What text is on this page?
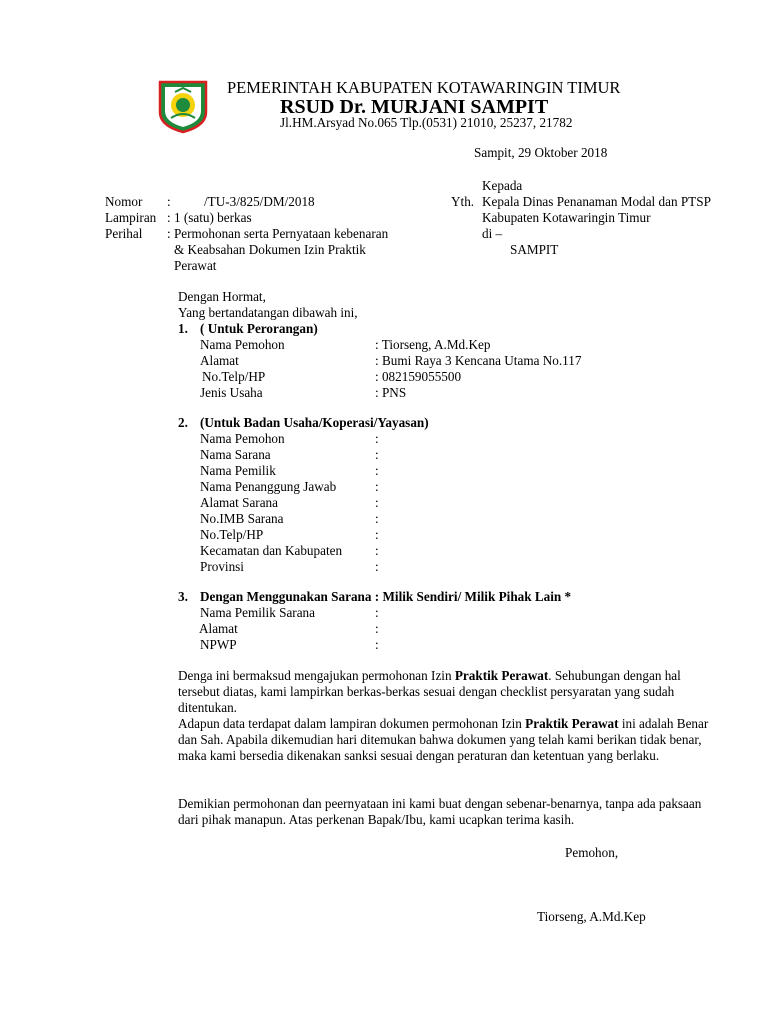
PEMERINTAH KABUPATEN KOTAWARINGIN TIMUR
RSUD Dr. MURJANI SAMPIT
Jl.HM.Arsyad No.065 Tlp.(0531) 21010, 25237, 21782
Sampit, 29 Oktober 2018
Kepada
Yth. Kepala Dinas Penanaman Modal dan PTSP
Kabupaten Kotawaringin Timur
di –
SAMPIT
Nomor :	/TU-3/825/DM/2018
Lampiran : 1 (satu) berkas
Perihal : Permohonan serta Pernyataan kebenaran
& Keabsahan Dokumen Izin Praktik
Perawat
Dengan Hormat,
Yang bertandatangan dibawah ini,
1. ( Untuk Perorangan)
Nama Pemohon	: Tiorseng, A.Md.Kep
Alamat	: Bumi Raya 3 Kencana Utama No.117
No.Telp/HP	: 082159055500
Jenis Usaha	: PNS
2. (Untuk Badan Usaha/Koperasi/Yayasan)
Nama Pemohon	:
Nama Sarana	:
Nama Pemilik	:
Nama Penanggung Jawab	:
Alamat Sarana	:
No.IMB Sarana	:
No.Telp/HP	:
Kecamatan dan Kabupaten :
Provinsi	:
3. Dengan Menggunakan Sarana : Milik Sendiri/ Milik Pihak Lain *
Nama Pemilik Sarana	:
Alamat	:
NPWP	:
Denga ini bermaksud mengajukan permohonan Izin Praktik Perawat. Sehubungan dengan hal tersebut diatas, kami lampirkan berkas-berkas sesuai dengan checklist persyaratan yang sudah ditentukan.
Adapun data terdapat dalam lampiran dokumen permohonan Izin Praktik Perawat ini adalah Benar dan Sah. Apabila dikemudian hari ditemukan bahwa dokumen yang telah kami berikan tidak benar, maka kami bersedia dikenakan sanksi sesuai dengan peraturan dan ketentuan yang berlaku.
Demikian permohonan dan peernyataan ini kami buat dengan sebenar-benarnya, tanpa ada paksaan dari pihak manapun. Atas perkenan Bapak/Ibu, kami ucapkan terima kasih.
Pemohon,
Tiorseng, A.Md.Kep
